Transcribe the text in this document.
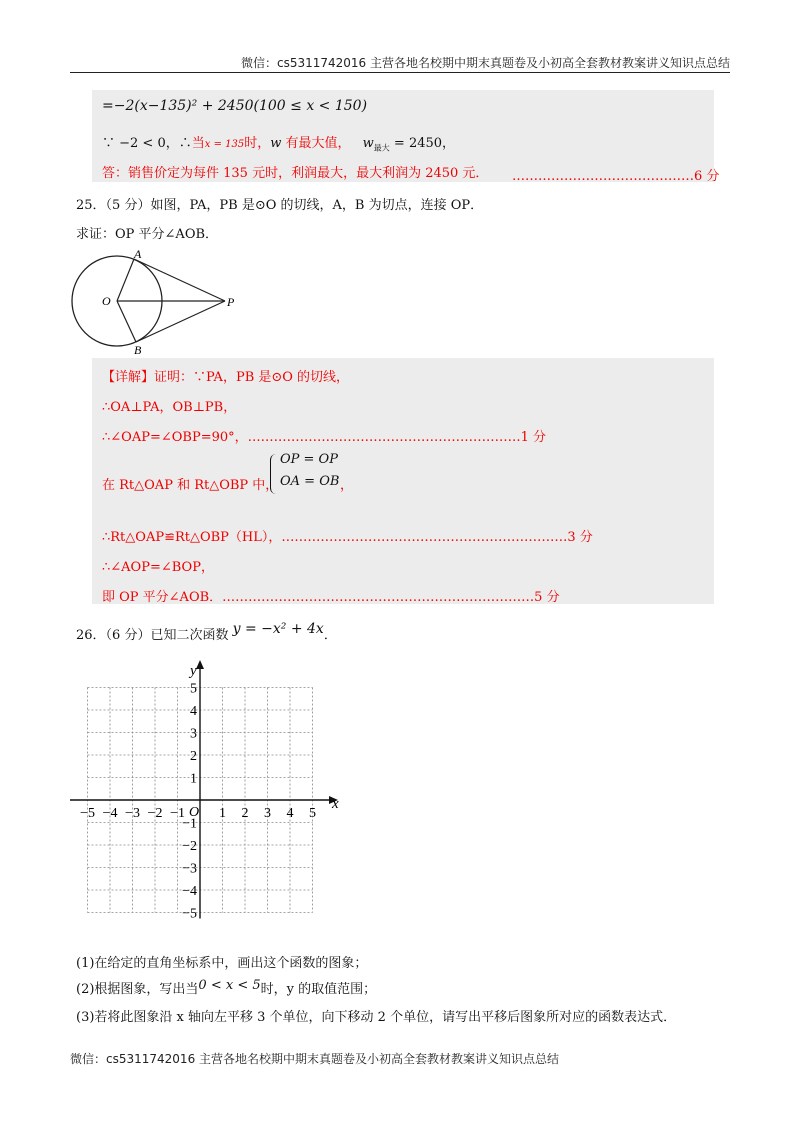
微信：cs5311742016 主营各地名校期中期末真题卷及小初高全套教材教案讲义知识点总结
=−2(x−135)² + 2450(100 ≤ x < 150)
∵ −2 < 0，∴当x = 135时，w 有最大值， $w_{最大} = 2450$，
答：销售价定为每件 135 元时，利润最大，最大利润为 2450 元． ……………………………………6 分
25．（5 分）如图，PA，PB 是⊙O 的切线，A，B 为切点，连接 OP．
求证：OP 平分∠AOB．
A
B
O	P
【详解】证明：∵PA，PB 是⊙O 的切线，
∴OA⊥PA，OB⊥PB，
∴∠OAP=∠OBP=90°，………………………………………………………1 分
在 Rt△OAP 和 Rt△OBP 中，
OP = OP
OA = OB ，
∴Rt△OAP≌Rt△OBP（HL），…………………………………………………………3 分
∴∠AOP=∠BOP，
即 OP 平分∠AOB．………………………………………………………………5 分
26．（6 分）已知二次函数 y = −x² + 4x．
x
y
O
−5 −4 −3 −2 −1 1 2 3 4 5
5
4
3
2
1
−1
−2
−3
−4
−5
(1)在给定的直角坐标系中，画出这个函数的图象；
(2)根据图象，写出当0 < x < 5时，y 的取值范围；
(3)若将此图象沿 x 轴向左平移 3 个单位，向下移动 2 个单位，请写出平移后图象所对应的函数表达式．
微信：cs5311742016 主营各地名校期中期末真题卷及小初高全套教材教案讲义知识点总结
